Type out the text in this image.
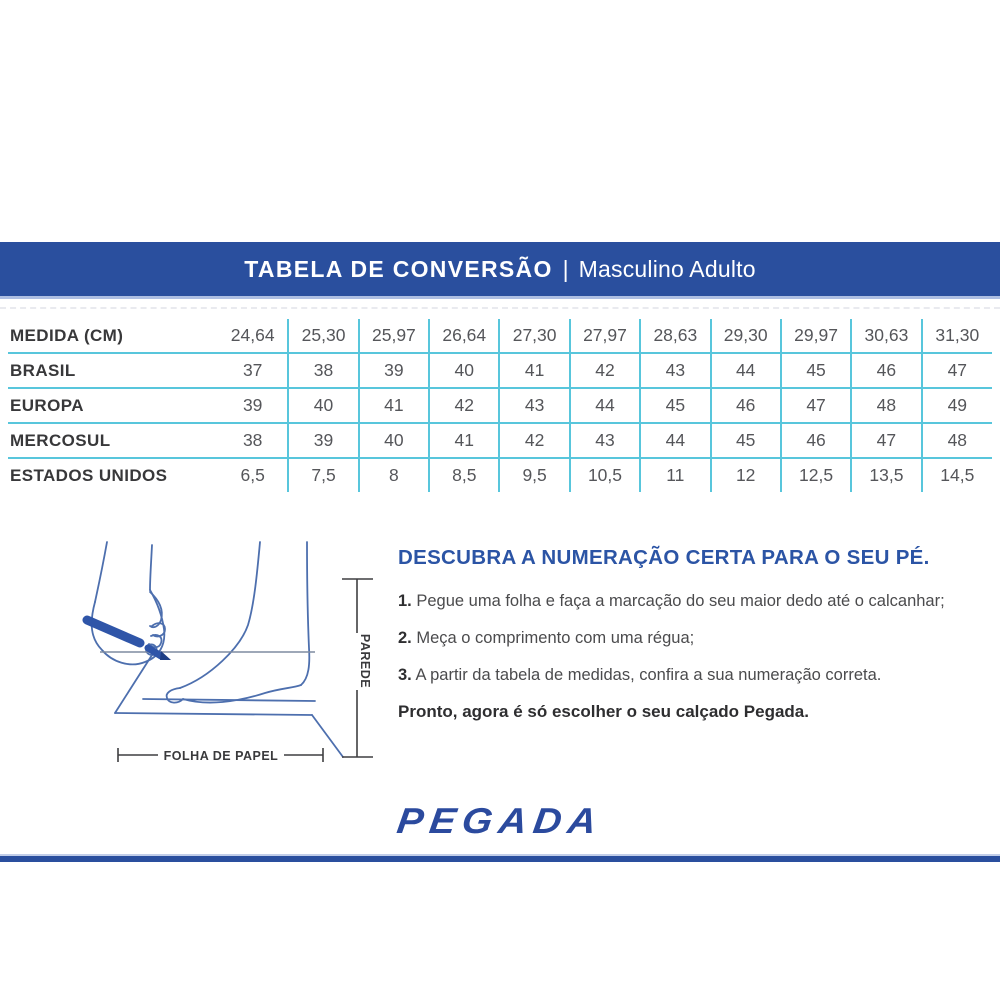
TABELA DE CONVERSÃO | Masculino Adulto
MEDIDA (CM)	24,64	25,30	25,97	26,64	27,30	27,97	28,63	29,30	29,97	30,63	31,30
BRASIL	37	38	39	40	41	42	43	44	45	46	47
EUROPA	39	40	41	42	43	44	45	46	47	48	49
MERCOSUL	38	39	40	41	42	43	44	45	46	47	48
ESTADOS UNIDOS	6,5	7,5	8	8,5	9,5	10,5	11	12	12,5	13,5	14,5
FOLHA DE PAPEL
PAREDE

DESCUBRA A NUMERAÇÃO CERTA PARA O SEU PÉ.

1. Pegue uma folha e faça a marcação do seu maior dedo até o calcanhar;

2. Meça o comprimento com uma régua;

3. A partir da tabela de medidas, confira a sua numeração correta.

Pronto, agora é só escolher o seu calçado Pegada.

PEGADA
